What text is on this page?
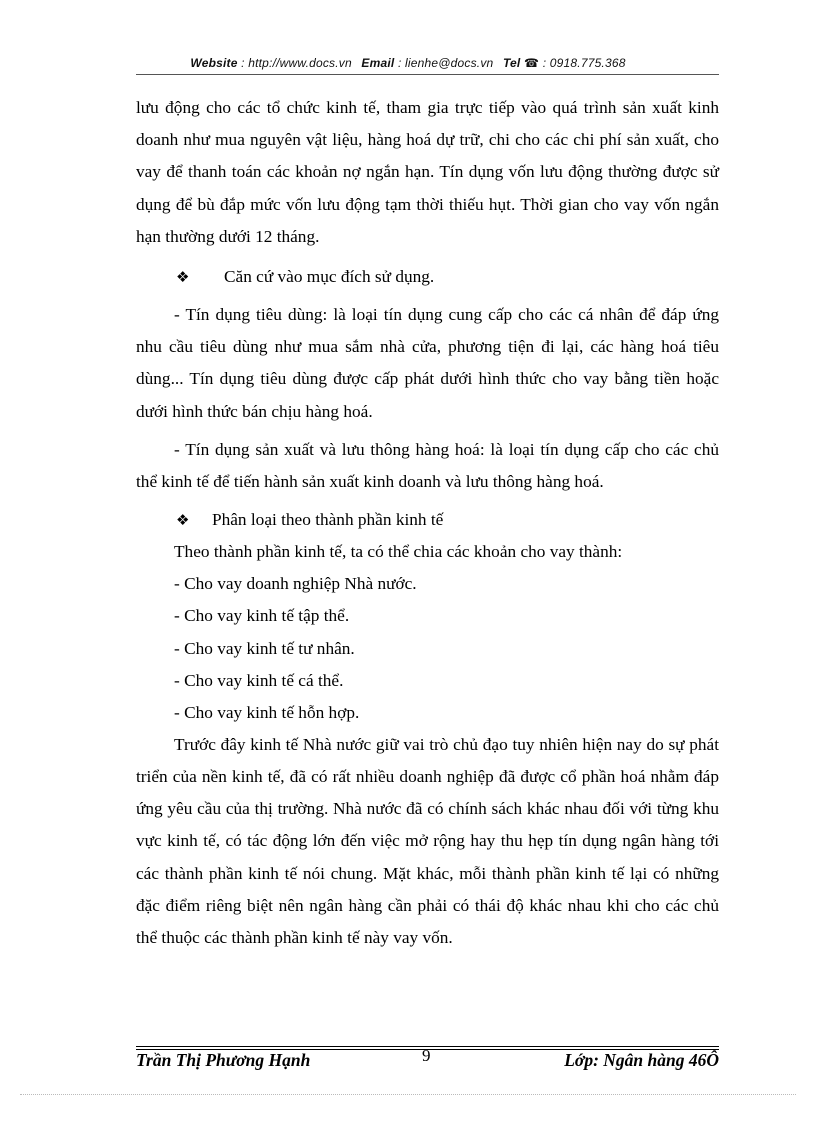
Website : http://www.docs.vn Email : lienhe@docs.vn Tel ☎ : 0918.775.368

lưu động cho các tổ chức kinh tế, tham gia trực tiếp vào quá trình sản xuất kinh doanh như mua nguyên vật liệu, hàng hoá dự trữ, chi cho các chi phí sản xuất, cho vay để thanh toán các khoản nợ ngắn hạn. Tín dụng vốn lưu động thường được sử dụng để bù đắp mức vốn lưu động tạm thời thiếu hụt. Thời gian cho vay vốn ngắn hạn thường dưới 12 tháng.

❖ Căn cứ vào mục đích sử dụng.

- Tín dụng tiêu dùng: là loại tín dụng cung cấp cho các cá nhân để đáp ứng nhu cầu tiêu dùng như mua sắm nhà cửa, phương tiện đi lại, các hàng hoá tiêu dùng... Tín dụng tiêu dùng được cấp phát dưới hình thức cho vay bằng tiền hoặc dưới hình thức bán chịu hàng hoá.

- Tín dụng sản xuất và lưu thông hàng hoá: là loại tín dụng cấp cho các chủ thể kinh tế để tiến hành sản xuất kinh doanh và lưu thông hàng hoá.

❖ Phân loại theo thành phần kinh tế

Theo thành phần kinh tế, ta có thể chia các khoản cho vay thành:

- Cho vay doanh nghiệp Nhà nước.

- Cho vay kinh tế tập thể.

- Cho vay kinh tế tư nhân.

- Cho vay kinh tế cá thể.

- Cho vay kinh tế hỗn hợp.

Trước đây kinh tế Nhà nước giữ vai trò chủ đạo tuy nhiên hiện nay do sự phát triển của nền kinh tế, đã có rất nhiều doanh nghiệp đã được cổ phần hoá nhằm đáp ứng yêu cầu của thị trường. Nhà nước đã có chính sách khác nhau đối với từng khu vực kinh tế, có tác động lớn đến việc mở rộng hay thu hẹp tín dụng ngân hàng tới các thành phần kinh tế nói chung. Mặt khác, mỗi thành phần kinh tế lại có những đặc điểm riêng biệt nên ngân hàng cần phải có thái độ khác nhau khi cho các chủ thể thuộc các thành phần kinh tế này vay vốn.

Trần Thị Phương Hạnh	9	Lớp: Ngân hàng 46Ô
